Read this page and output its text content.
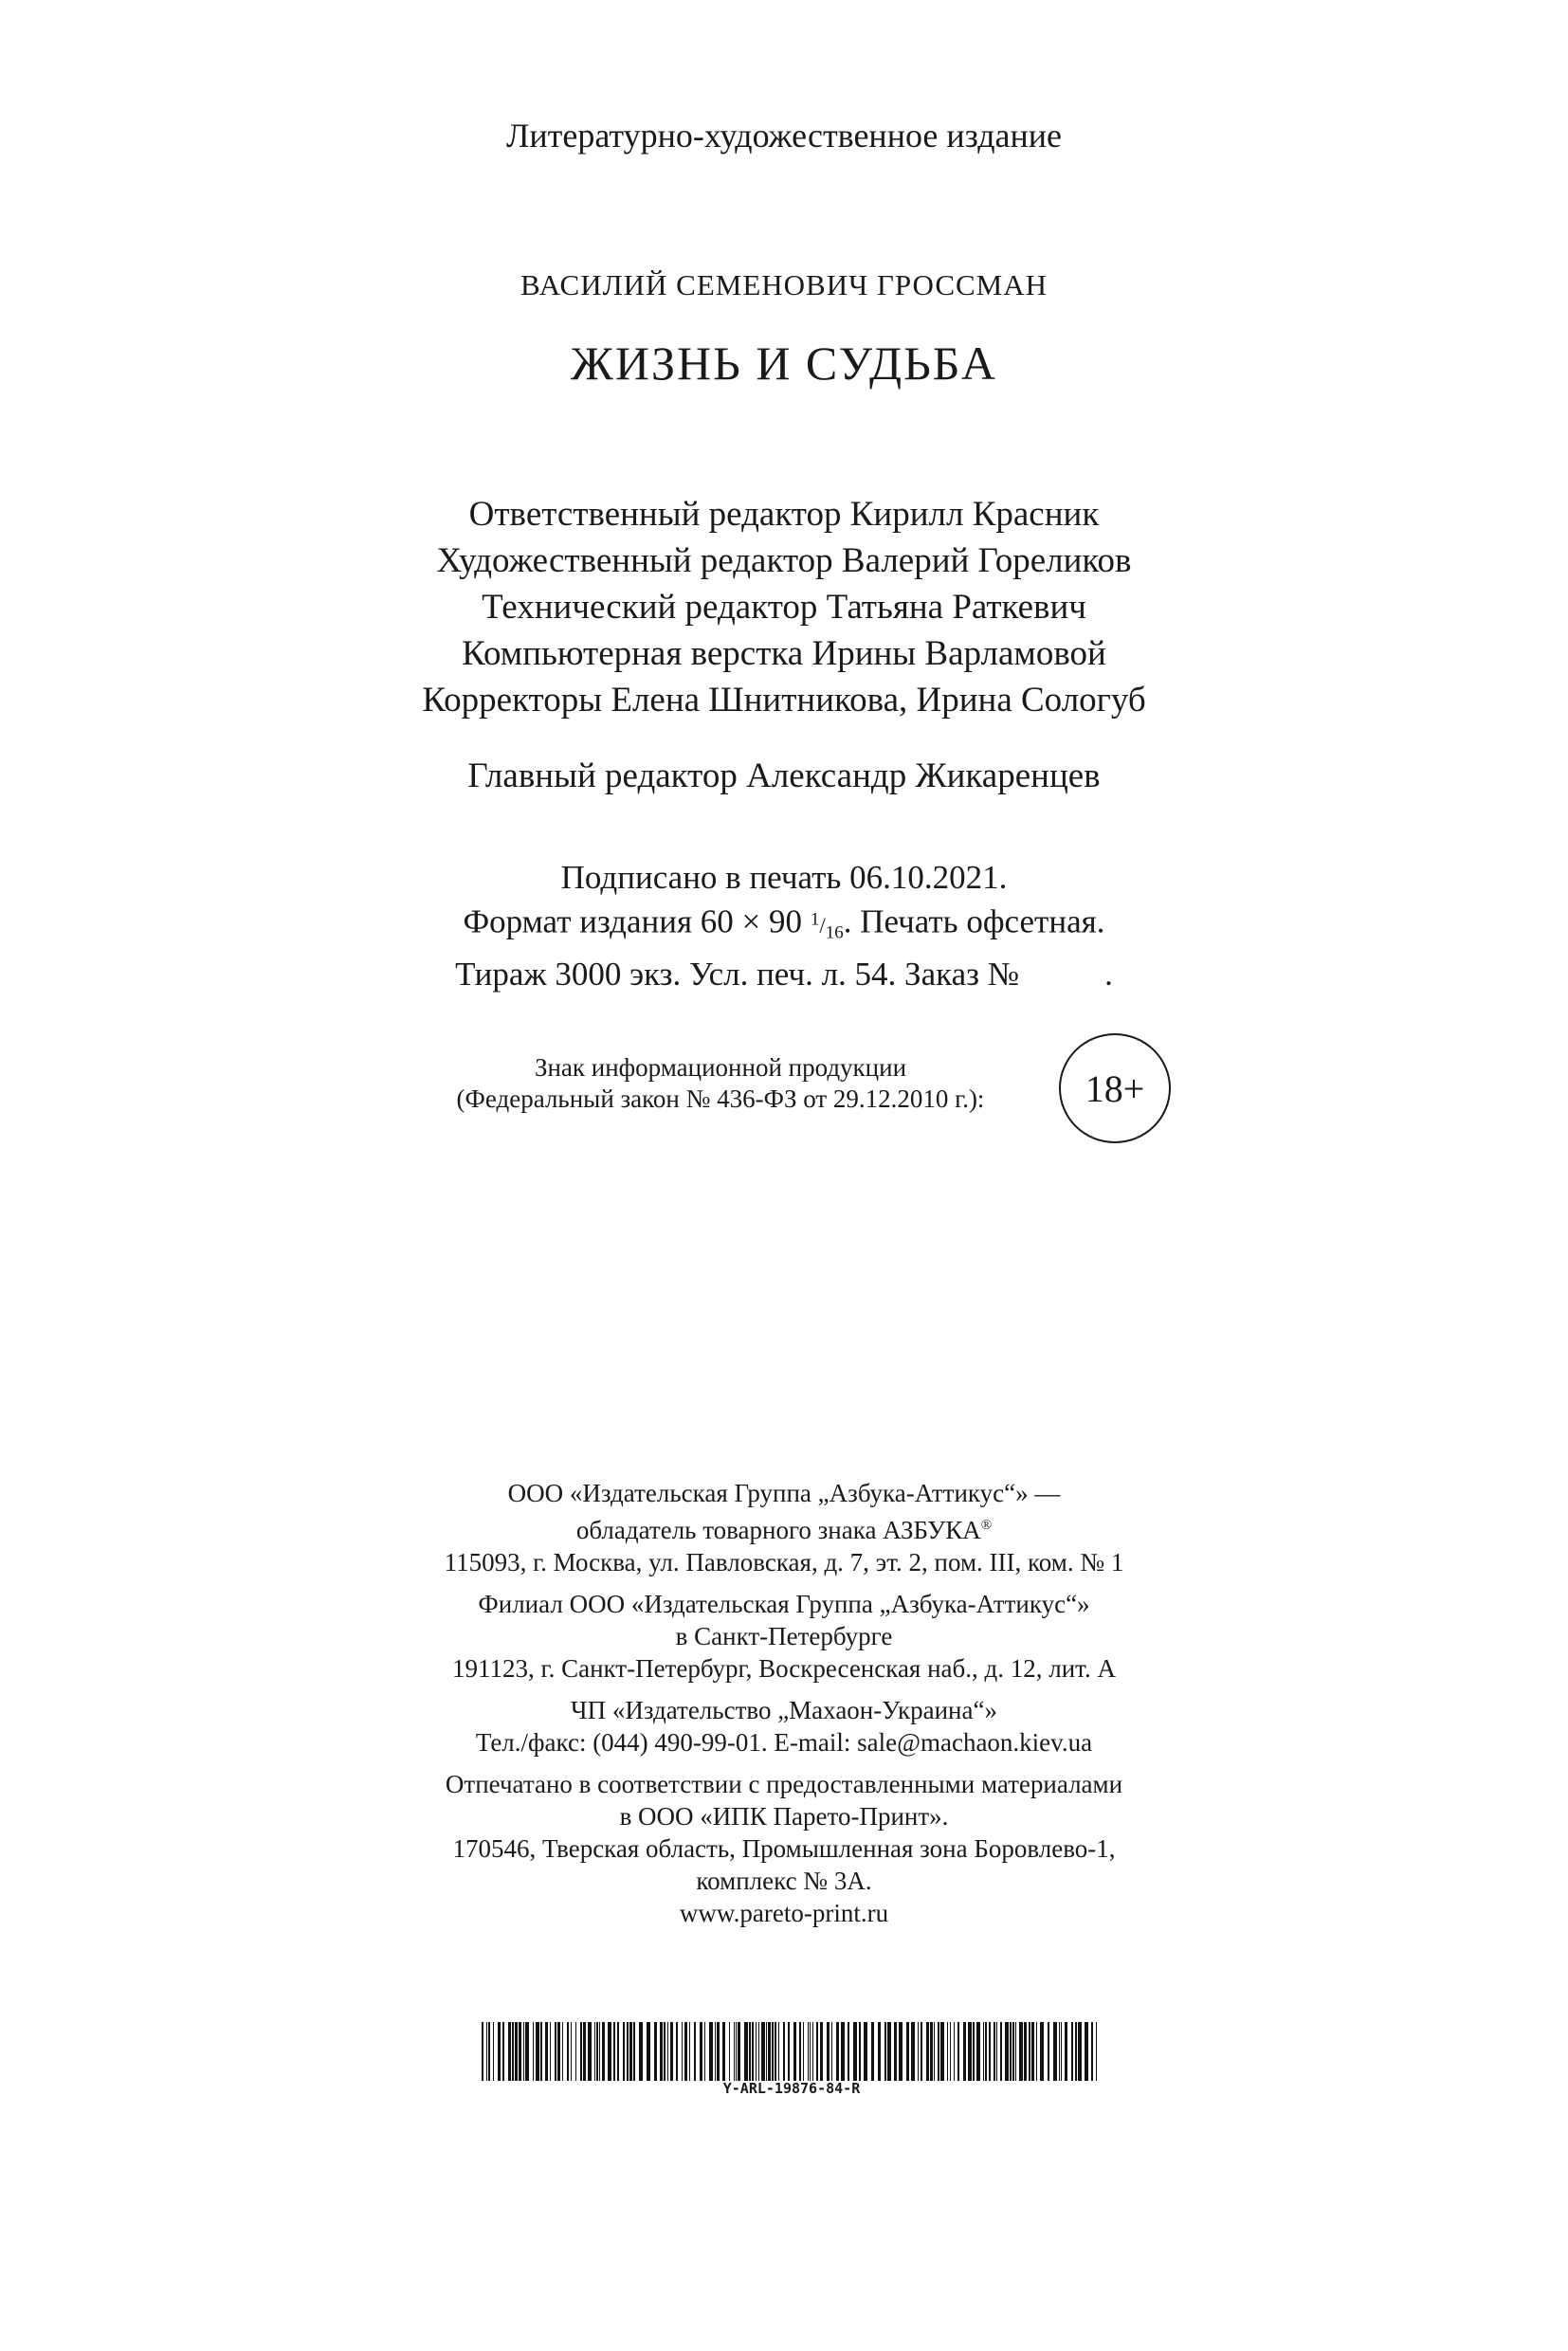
Литературно-художественное издание
ВАСИЛИЙ СЕМЕНОВИЧ ГРОССМАН
ЖИЗНЬ И СУДЬБА
Ответственный редактор Кирилл Красник
Художественный редактор Валерий Гореликов
Технический редактор Татьяна Раткевич
Компьютерная верстка Ирины Варламовой
Корректоры Елена Шнитникова, Ирина Сологуб
Главный редактор Александр Жикаренцев
Подписано в печать 06.10.2021.
Формат издания 60 × 90 $^1/_{16}$. Печать офсетная.
Тираж 3000 экз. Усл. печ. л. 54. Заказ №	.
Знак информационной продукции
(Федеральный закон № 436-ФЗ от 29.12.2010 г.):	18+
ООО «Издательская Группа „Азбука-Аттикус“» —
обладатель товарного знака АЗБУКА®
115093, г. Москва, ул. Павловская, д. 7, эт. 2, пом. III, ком. № 1
Филиал ООО «Издательская Группа „Азбука-Аттикус“»
в Санкт-Петербурге
191123, г. Санкт-Петербург, Воскресенская наб., д. 12, лит. А
ЧП «Издательство „Махаон-Украина“»
Тел./факс: (044) 490-99-01. E-mail: sale@machaon.kiev.ua
Отпечатано в соответствии с предоставленными материалами
в ООО «ИПК Парето-Принт».
170546, Тверская область, Промышленная зона Боровлево-1,
комплекс № 3А.
www.pareto-print.ru
Y-ARL-19876-84-R
